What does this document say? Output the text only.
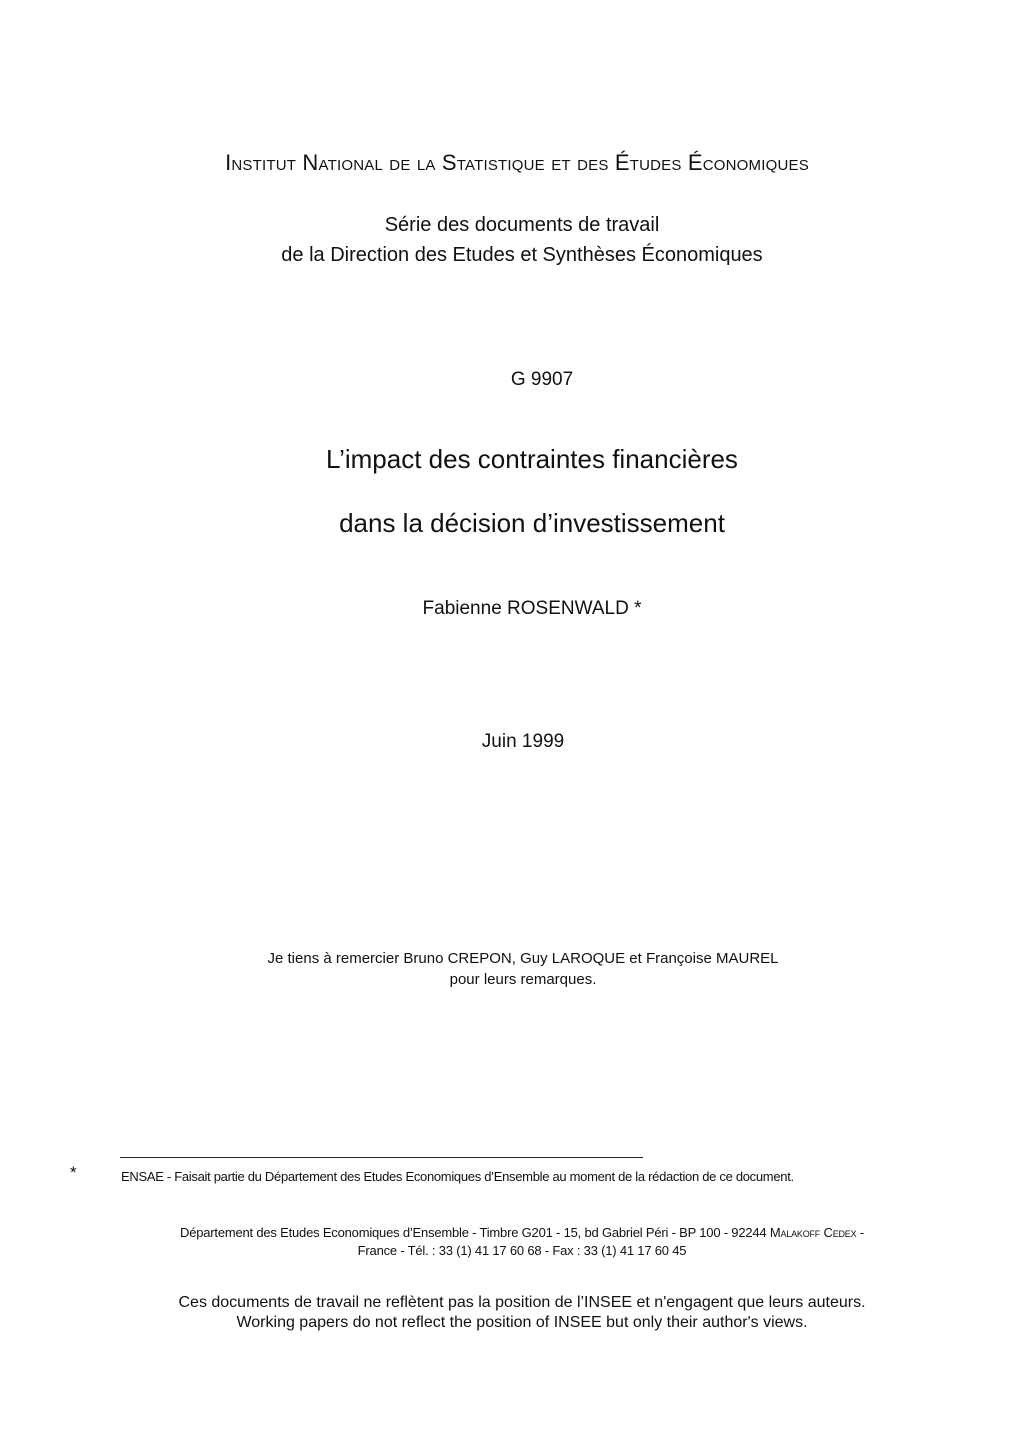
Institut National de la Statistique et des Études Économiques
Série des documents de travail
de la Direction des Etudes et Synthèses Économiques
G 9907
L’impact des contraintes financières
dans la décision d’investissement
Fabienne ROSENWALD *
Juin 1999
Je tiens à remercier Bruno CREPON, Guy LAROQUE et Françoise MAUREL
pour leurs remarques.
*	ENSAE - Faisait partie du Département des Etudes Economiques d’Ensemble au moment de la rédaction de ce document.
Département des Etudes Economiques d’Ensemble - Timbre G201 - 15, bd Gabriel Péri - BP 100 - 92244 Malakoff Cedex -
France - Tél. : 33 (1) 41 17 60 68 - Fax : 33 (1) 41 17 60 45
Ces documents de travail ne reflètent pas la position de l’INSEE et n'engagent que leurs auteurs.
Working papers do not reflect the position of INSEE but only their author's views.
